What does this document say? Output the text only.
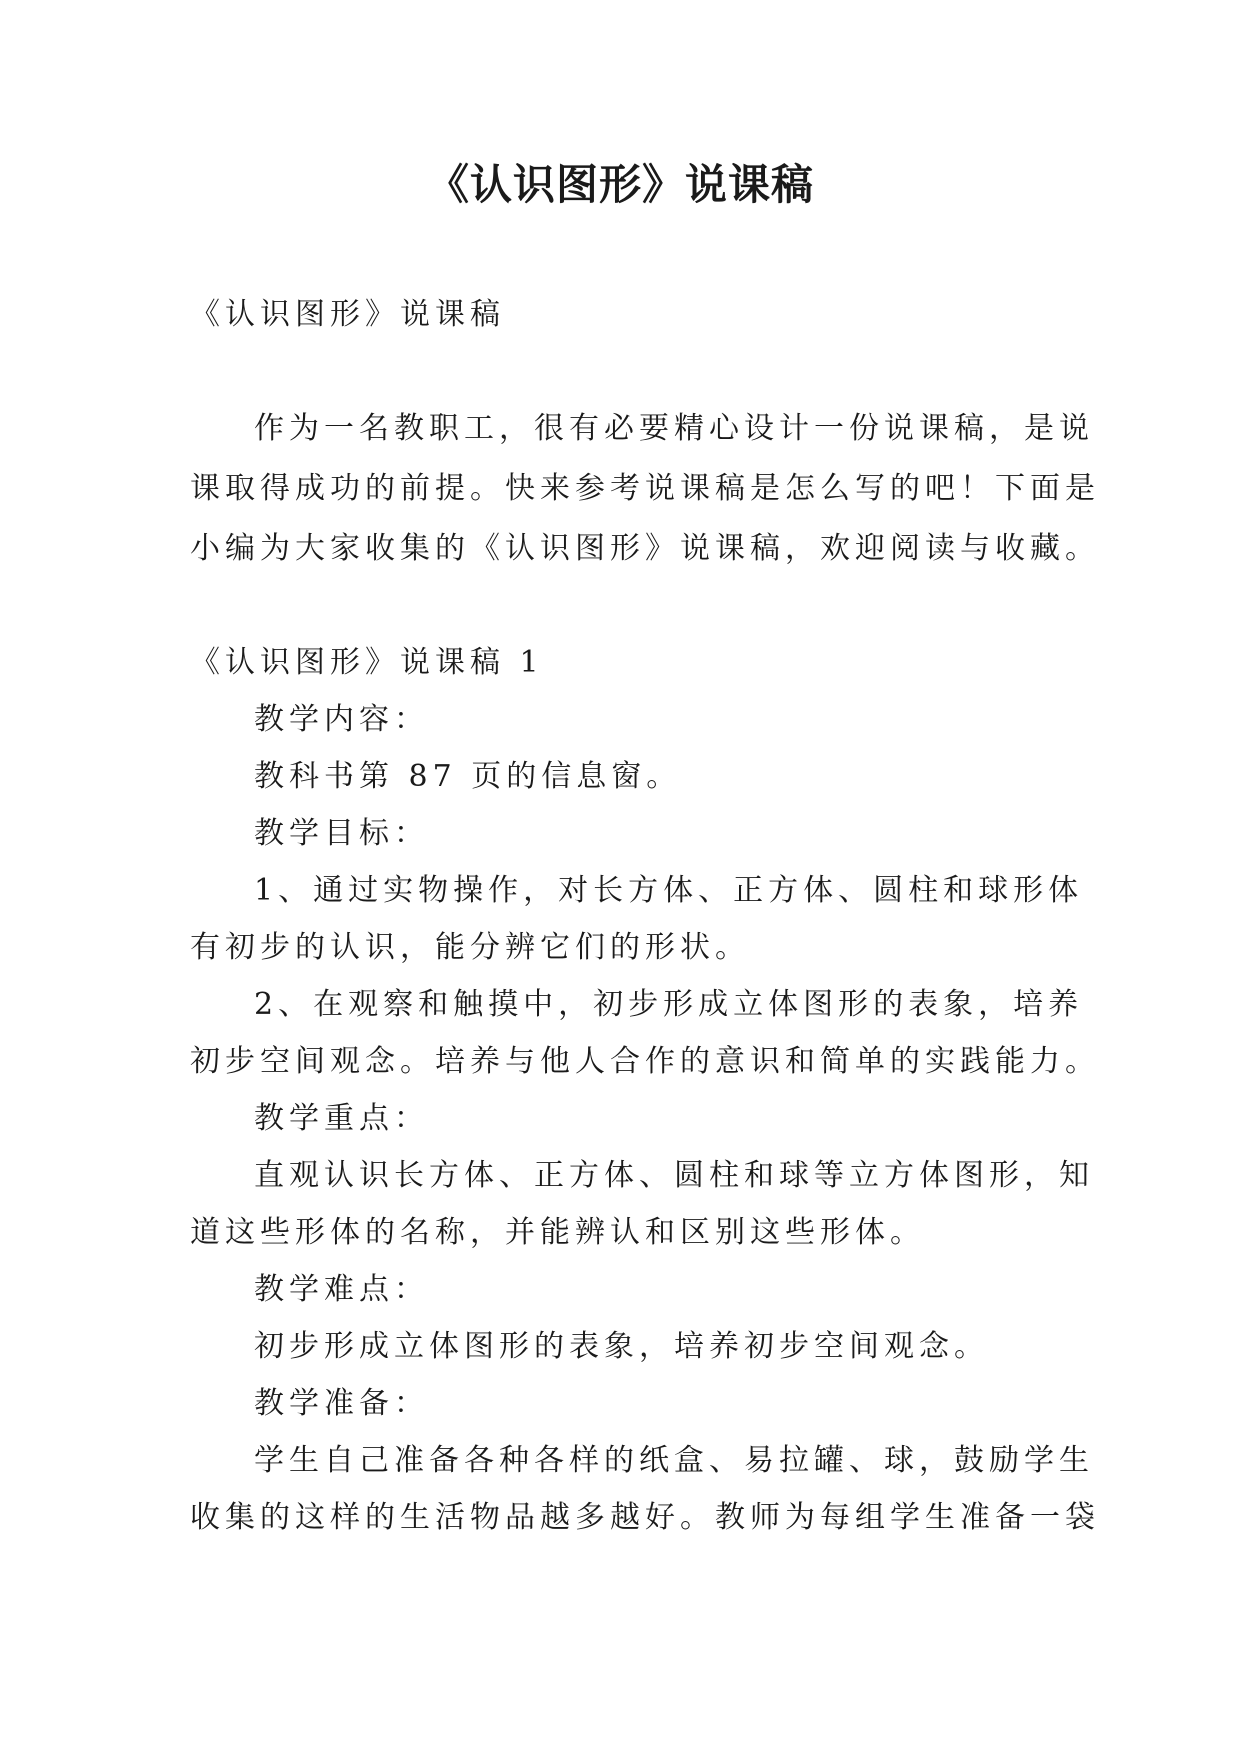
《认识图形》说课稿
《认识图形》说课稿
作为一名教职工，很有必要精心设计一份说课稿，是说
课取得成功的前提。快来参考说课稿是怎么写的吧！下面是
小编为大家收集的《认识图形》说课稿，欢迎阅读与收藏。
《认识图形》说课稿 1
教学内容：
教科书第 87 页的信息窗。
教学目标：
1、通过实物操作，对长方体、正方体、圆柱和球形体
有初步的认识，能分辨它们的形状。
2、在观察和触摸中，初步形成立体图形的表象，培养
初步空间观念。培养与他人合作的意识和简单的实践能力。
教学重点：
直观认识长方体、正方体、圆柱和球等立方体图形，知
道这些形体的名称，并能辨认和区别这些形体。
教学难点：
初步形成立体图形的表象，培养初步空间观念。
教学准备：
学生自己准备各种各样的纸盒、易拉罐、球，鼓励学生
收集的这样的生活物品越多越好。教师为每组学生准备一袋
